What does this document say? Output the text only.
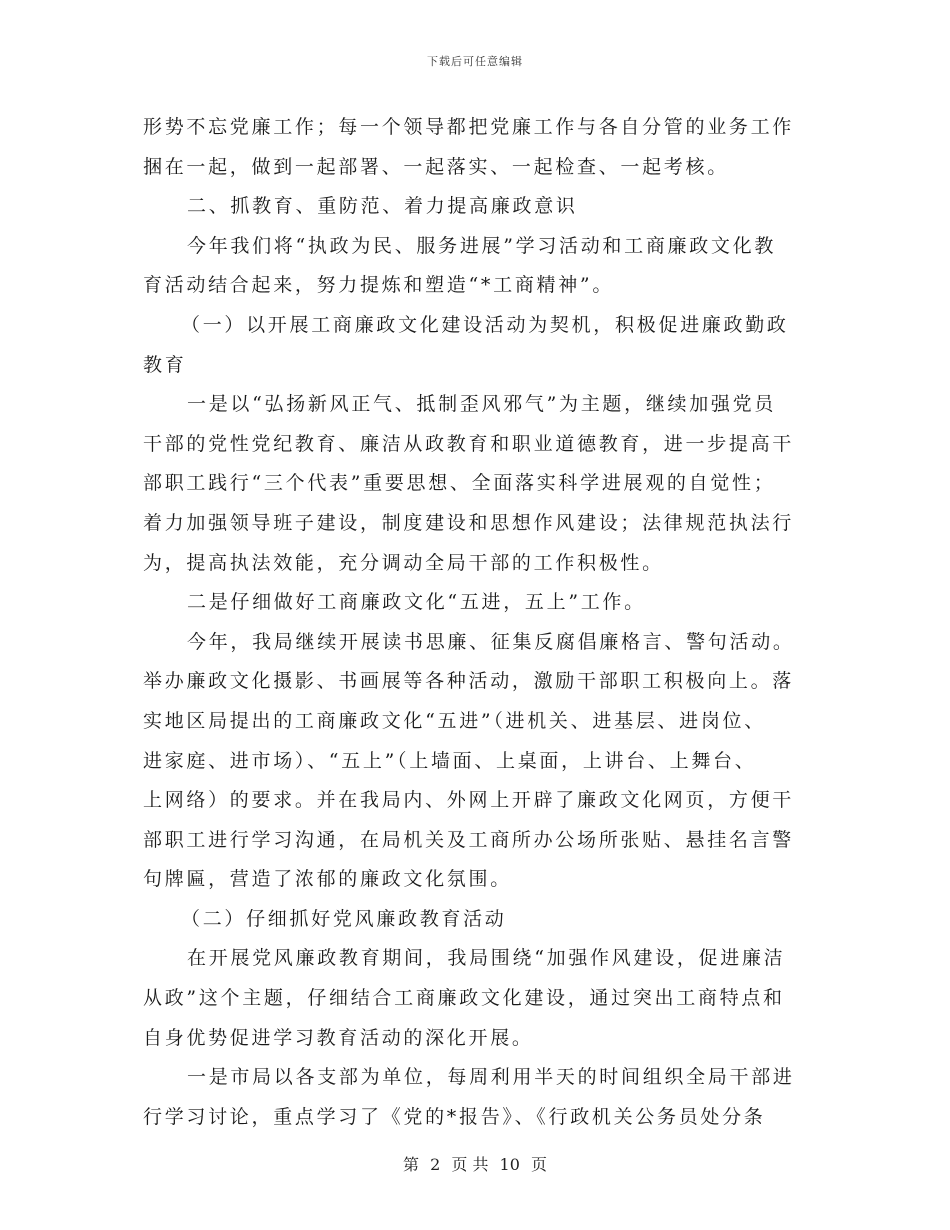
下载后可任意编辑
形势不忘党廉工作；每一个领导都把党廉工作与各自分管的业务工作
捆在一起，做到一起部署、一起落实、一起检查、一起考核。
二、抓教育、重防范、着力提高廉政意识
今年我们将“执政为民、服务进展”学习活动和工商廉政文化教
育活动结合起来，努力提炼和塑造“*工商精神”。
（一）以开展工商廉政文化建设活动为契机，积极促进廉政勤政
教育
一是以“弘扬新风正气、抵制歪风邪气”为主题，继续加强党员
干部的党性党纪教育、廉洁从政教育和职业道德教育，进一步提高干
部职工践行“三个代表”重要思想、全面落实科学进展观的自觉性；
着力加强领导班子建设，制度建设和思想作风建设；法律规范执法行
为，提高执法效能，充分调动全局干部的工作积极性。
二是仔细做好工商廉政文化“五进，五上”工作。
今年，我局继续开展读书思廉、征集反腐倡廉格言、警句活动。
举办廉政文化摄影、书画展等各种活动，激励干部职工积极向上。落
实地区局提出的工商廉政文化“五进”（进机关、进基层、进岗位、
进家庭、进市场）、“五上”（上墙面、上桌面，上讲台、上舞台、
上网络）的要求。并在我局内、外网上开辟了廉政文化网页，方便干
部职工进行学习沟通，在局机关及工商所办公场所张贴、悬挂名言警
句牌匾，营造了浓郁的廉政文化氛围。
（二）仔细抓好党风廉政教育活动
在开展党风廉政教育期间，我局围绕“加强作风建设，促进廉洁
从政”这个主题，仔细结合工商廉政文化建设，通过突出工商特点和
自身优势促进学习教育活动的深化开展。
一是市局以各支部为单位，每周利用半天的时间组织全局干部进
行学习讨论，重点学习了《党的*报告》、《行政机关公务员处分条
第 2 页 共 10 页
